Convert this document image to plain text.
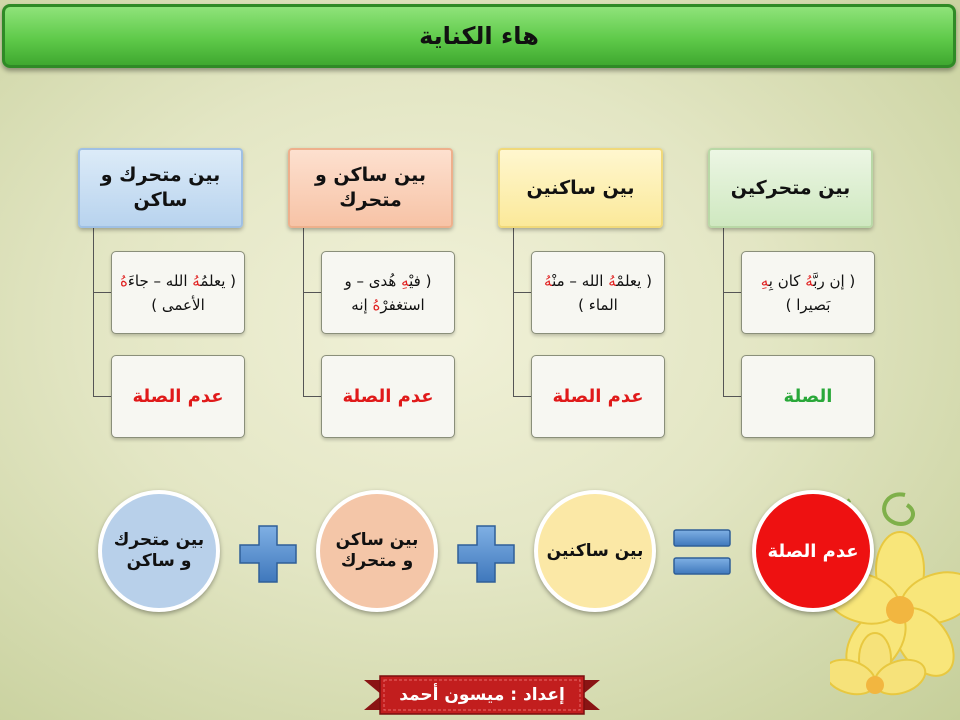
هاء الكناية
بين متحركين
( إن ربَّهُ كان بِهِ بَصيرا )
الصلة
بين ساكنين
( يعلمْهُ الله – منْهُ الماء )
عدم الصلة
بين ساكن و متحرك
( فيْهِ هُدى – و استغفرْهُ إنه
عدم الصلة
بين متحرك و ساكن
( يعلمُهُ الله – جاءَهُ الأعمى )
عدم الصلة
عدم الصلة
بين ساكنين
بين ساكن و متحرك
بين متحرك و ساكن
إعداد : ميسون أحمد
